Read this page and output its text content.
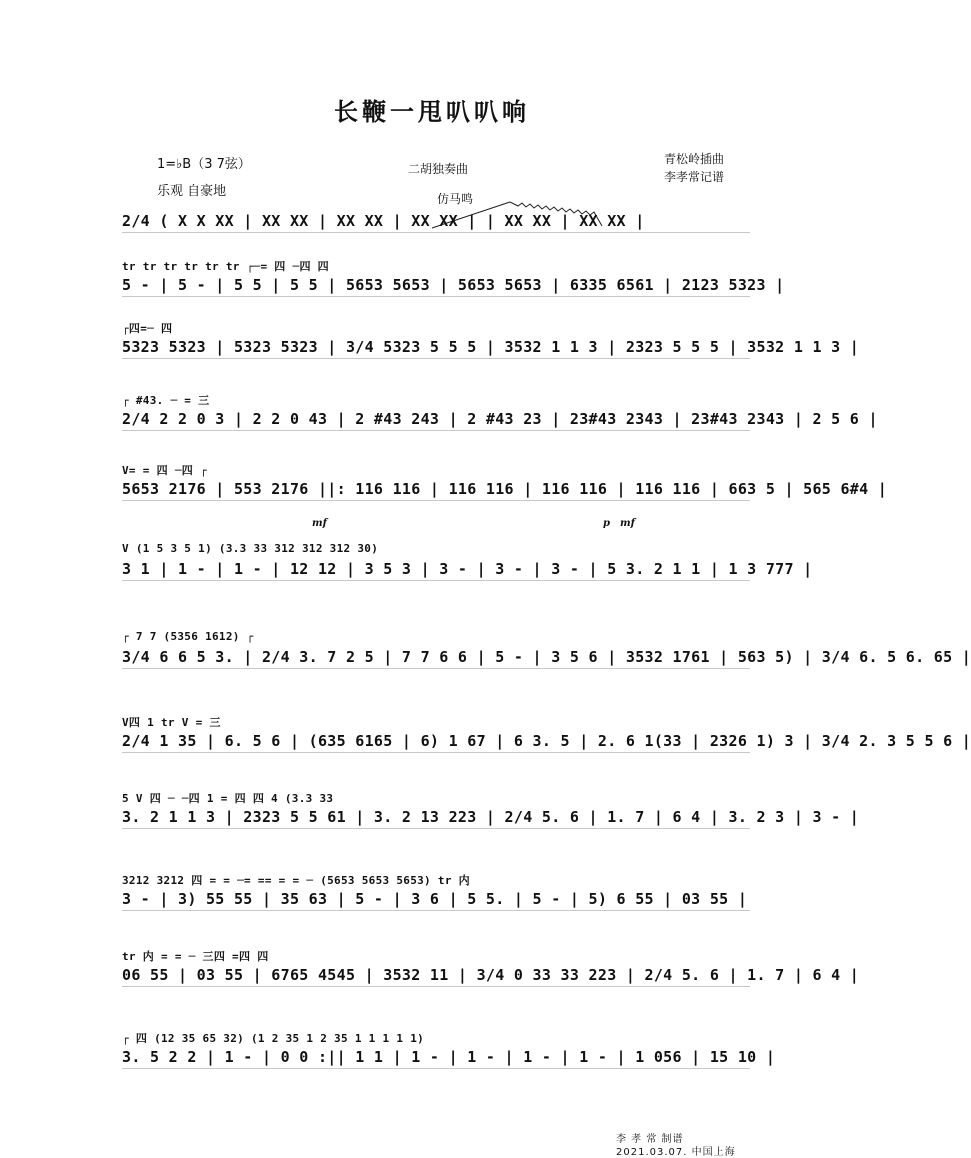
长鞭一甩叭叭响
1=♭B（3 7弦）
乐观 自豪地
二胡独奏曲
青松岭插曲
李孝常记谱
仿马鸣
2/4 ( X X XX | XX XX | XX XX | XX XX | | XX XX | XX XX |
tr tr tr tr tr tr ┌─= 四 ─四 四
5 - | 5 - | 5 5 | 5 5 | 5653 5653 | 5653 5653 | 6335 6561 | 2123 5323 |
┌四=─ 四
5323 5323 | 5323 5323 | 3/4 5323 5 5 5 | 3532 1 1 3 | 2323 5 5 5 | 3532 1 1 3 |
┌ #43. ─ = 三
2/4 2 2 0 3 | 2 2 0 43 | 2 #43 243 | 2 #43 23 | 23#43 2343 | 23#43 2343 | 2 5 6 |
V= = 四 ─四 ┌
5653 2176 | 553 2176 ||: 116 116 | 116 116 | 116 116 | 116 116 | 663 5 | 565 6#4 |
V (1 5 3 5 1) (3.3 33 312 312 312 30)
3 1 | 1 - | 1 - | 12 12 | 3 5 3 | 3 - | 3 - | 3 - | 5 3. 2 1 1 | 1 3 777 |
┌ 7 7 (5356 1612) ┌
3/4 6 6 5 3. | 2/4 3. 7 2 5 | 7 7 6 6 | 5 - | 3 5 6 | 3532 1761 | 563 5) | 3/4 6. 5 6. 65 |
V四 1 tr V = 三
2/4 1 35 | 6. 5 6 | (635 6165 | 6) 1 67 | 6 3. 5 | 2. 6 1(33 | 2326 1) 3 | 3/4 2. 3 5 5 6 |
5 V 四 ─ ─四 1 = 四 四 4 (3.3 33
3. 2 1 1 3 | 2323 5 5 61 | 3. 2 13 223 | 2/4 5. 6 | 1. 7 | 6 4 | 3. 2 3 | 3 - |
3212 3212 四 = = ─= == = = ─ (5653 5653 5653) tr 内
3 - | 3) 55 55 | 35 63 | 5 - | 3 6 | 5 5. | 5 - | 5) 6 55 | 03 55 |
tr 内 = = ─ 三四 =四 四
06 55 | 03 55 | 6765 4545 | 3532 11 | 3/4 0 33 33 223 | 2/4 5. 6 | 1. 7 | 6 4 |
┌ 四 (12 35 65 32) (1 2 35 1 2 35 1 1 1 1 1)
3. 5 2 2 | 1 - | 0 0 :|| 1 1 | 1 - | 1 - | 1 - | 1 - | 1 056 | 15 10 |
mf	p mf
李 孝 常 制谱
2021.03.07. 中国上海
